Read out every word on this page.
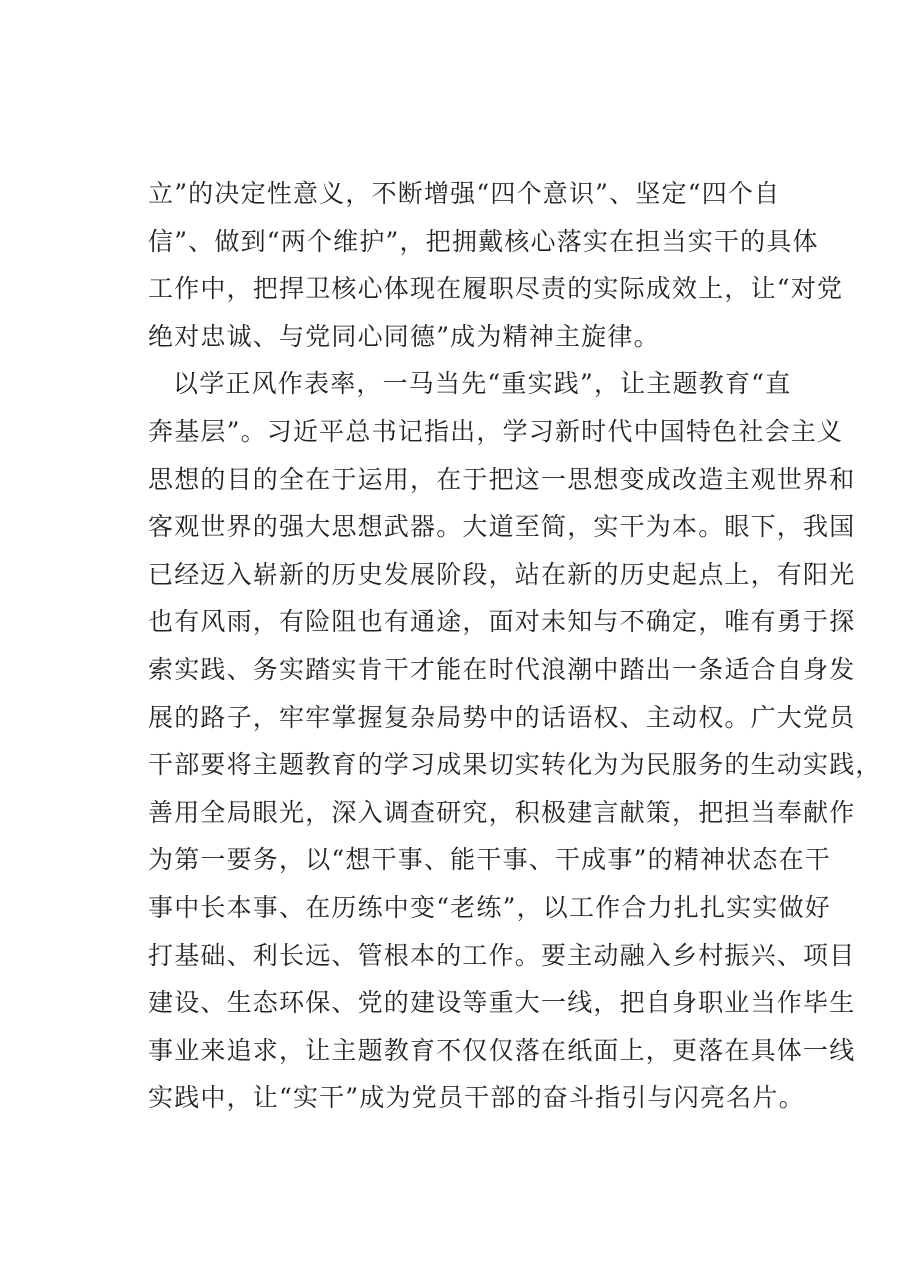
立”的决定性意义，不断增强“四个意识”、坚定“四个自
信”、做到“两个维护”，把拥戴核心落实在担当实干的具体
工作中，把捍卫核心体现在履职尽责的实际成效上，让“对党
绝对忠诚、与党同心同德”成为精神主旋律。
以学正风作表率，一马当先“重实践”，让主题教育“直
奔基层”。习近平总书记指出，学习新时代中国特色社会主义
思想的目的全在于运用，在于把这一思想变成改造主观世界和
客观世界的强大思想武器。大道至简，实干为本。眼下，我国
已经迈入崭新的历史发展阶段，站在新的历史起点上，有阳光
也有风雨，有险阻也有通途，面对未知与不确定，唯有勇于探
索实践、务实踏实肯干才能在时代浪潮中踏出一条适合自身发
展的路子，牢牢掌握复杂局势中的话语权、主动权。广大党员
干部要将主题教育的学习成果切实转化为为民服务的生动实践，
善用全局眼光，深入调查研究，积极建言献策，把担当奉献作
为第一要务，以“想干事、能干事、干成事”的精神状态在干
事中长本事、在历练中变“老练”，以工作合力扎扎实实做好
打基础、利长远、管根本的工作。要主动融入乡村振兴、项目
建设、生态环保、党的建设等重大一线，把自身职业当作毕生
事业来追求，让主题教育不仅仅落在纸面上，更落在具体一线
实践中，让“实干”成为党员干部的奋斗指引与闪亮名片。
